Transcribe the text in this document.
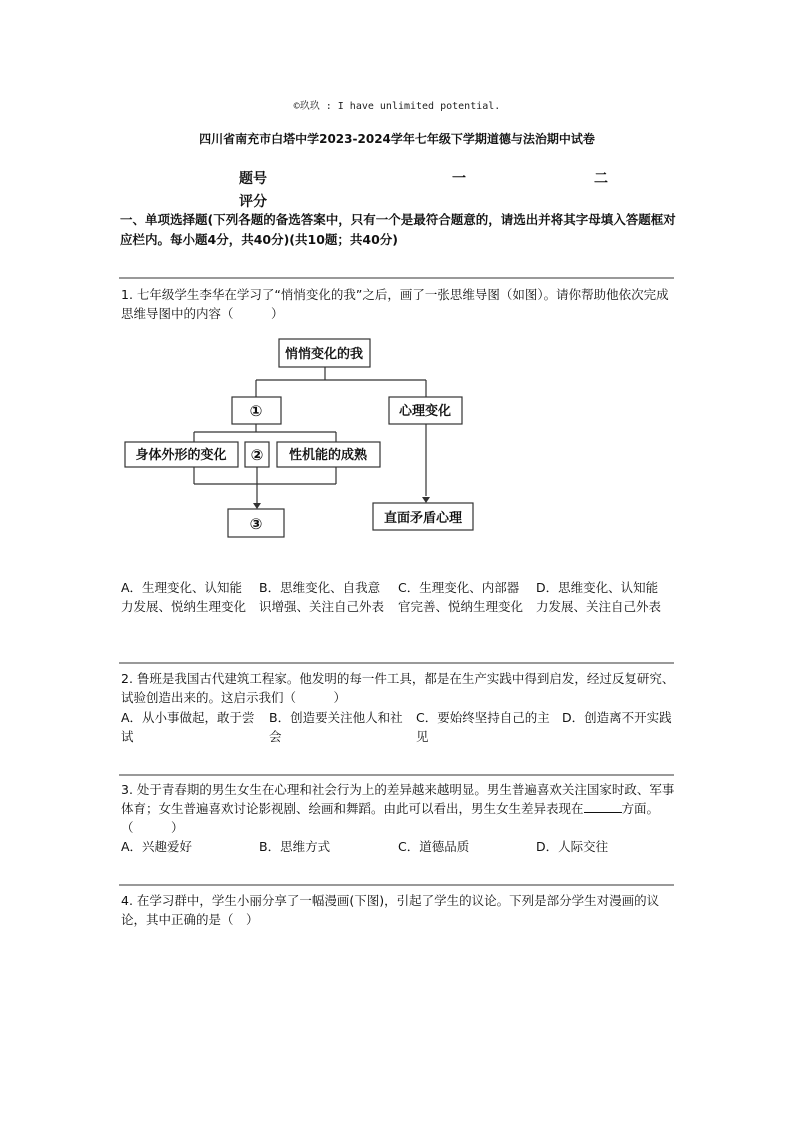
©玖玖 : I have unlimited potential.
四川省南充市白塔中学2023-2024学年七年级下学期道德与法治期中试卷
题号	一	二
评分
一、单项选择题(下列各题的备选答案中，只有一个是最符合题意的，请选出并将其字母填入答题框对应栏内。每小题4分，共40分)(共10题；共40分)
1. 七年级学生李华在学习了“悄悄变化的我”之后，画了一张思维导图（如图）。请你帮助他依次完成思维导图中的内容（　　　）
悄悄变化的我
①	心理变化
身体外形的变化 ② 性机能的成熟
③	直面矛盾心理
A．生理变化、认知能力发展、悦纳生理变化
B．思维变化、自我意识增强、关注自己外表
C．生理变化、内部器官完善、悦纳生理变化
D．思维变化、认知能力发展、关注自己外表
2. 鲁班是我国古代建筑工程家。他发明的每一件工具，都是在生产实践中得到启发，经过反复研究、试验创造出来的。这启示我们（　　　）
A．从小事做起，敢于尝试
B．创造要关注他人和社会
C．要始终坚持自己的主见
D．创造离不开实践
3. 处于青春期的男生女生在心理和社会行为上的差异越来越明显。男生普遍喜欢关注国家时政、军事体育；女生普遍喜欢讨论影视剧、绘画和舞蹈。由此可以看出，男生女生差异表现在	方面。（　　　）
A．兴趣爱好	B．思维方式	C．道德品质	D．人际交往
4. 在学习群中，学生小丽分享了一幅漫画(下图)，引起了学生的议论。下列是部分学生对漫画的议论，其中正确的是（　）
